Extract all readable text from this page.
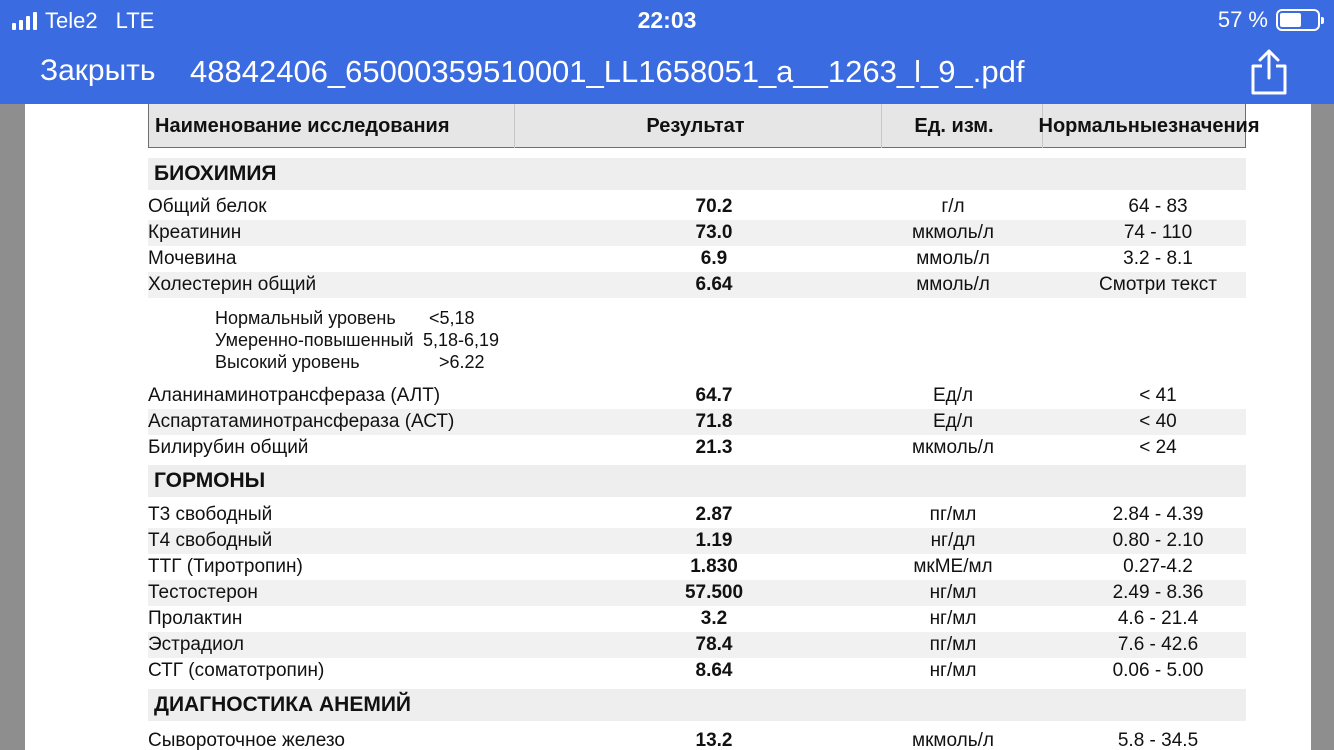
Tele2 LTE	22:03	57 %
Закрыть 48842406_65000359510001_LL1658051_a__1263_l_9_.pdf
Наименование исследования	Результат	Ед. изм.	Нормальные значения
БИОХИМИЯ
Общий белок	70.2	г/л	64 - 83
Креатинин	73.0	мкмоль/л	74 - 110
Мочевина	6.9	ммоль/л	3.2 - 8.1
Холестерин общий	6.64	ммоль/л	Смотри текст
Нормальный уровень <5,18
Умеренно-повышенный 5,18-6,19
Высокий уровень	>6.22
Аланинаминотрансфераза (АЛТ)	64.7	Ед/л	< 41
Аспартатаминотрансфераза (АСТ)	71.8	Ед/л	< 40
Билирубин общий	21.3	мкмоль/л	< 24
ГОРМОНЫ
Т3 свободный	2.87	пг/мл	2.84 - 4.39
Т4 свободный	1.19	нг/дл	0.80 - 2.10
ТТГ (Тиротропин)	1.830	мкМЕ/мл	0.27-4.2
Тестостерон	57.500	нг/мл	2.49 - 8.36
Пролактин	3.2	нг/мл	4.6 - 21.4
Эстрадиол	78.4	пг/мл	7.6 - 42.6
СТГ (соматотропин)	8.64	нг/мл	0.06 - 5.00
ДИАГНОСТИКА АНЕМИЙ
Сывороточное железо	13.2	мкмоль/л	5.8 - 34.5
